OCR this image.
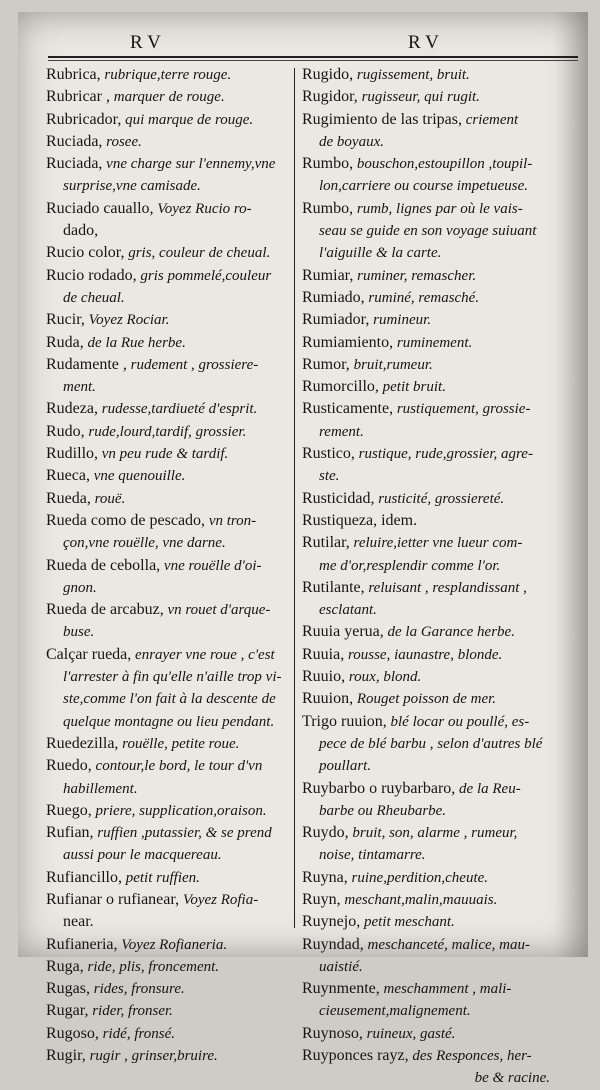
RV	RV
Rubrica, rubrique,terre rouge.
Rubricar , marquer de rouge.
Rubricador, qui marque de rouge.
Ruciada, rosee.
Ruciada, vne charge sur l'ennemy,vne
surprise,vne camisade.
Ruciado cauallo, Voyez Rucio ro-
dado,
Rucio color, gris, couleur de cheual.
Rucio rodado, gris pommelé,couleur
de cheual.
Rucir, Voyez Rociar.
Ruda, de la Rue herbe.
Rudamente , rudement , grossiere-
ment.
Rudeza, rudesse,tardiueté d'esprit.
Rudo, rude,lourd,tardif, grossier.
Rudillo, vn peu rude & tardif.
Rueca, vne quenouille.
Rueda, rouë.
Rueda como de pescado, vn tron-
çon,vne rouëlle, vne darne.
Rueda de cebolla, vne rouëlle d'oi-
gnon.
Rueda de arcabuz, vn rouet d'arque-
buse.
Calçar rueda, enrayer vne roue , c'est
l'arrester à fin qu'elle n'aille trop vi-
ste,comme l'on fait à la descente de
quelque montagne ou lieu pendant.
Ruedezilla, rouëlle, petite roue.
Ruedo, contour,le bord, le tour d'vn
habillement.
Ruego, priere, supplication,oraison.
Rufian, ruffien ,putassier, & se prend
aussi pour le macquereau.
Rufiancillo, petit ruffien.
Rufianar o rufianear, Voyez Rofia-
near.
Rufianeria, Voyez Rofianeria.
Ruga, ride, plis, froncement.
Rugas, rides, fronsure.
Rugar, rider, fronser.
Rugoso, ridé, fronsé.
Rugir, rugir , grinser,bruire.
Rugido, rugissement, bruit.
Rugidor, rugisseur, qui rugit.
Rugimiento de las tripas, criement
de boyaux.
Rumbo, bouschon,estoupillon ,toupil-
lon,carriere ou course impetueuse.
Rumbo, rumb, lignes par où le vais-
seau se guide en son voyage suiuant
l'aiguille & la carte.
Rumiar, ruminer, remascher.
Rumiado, ruminé, remasché.
Rumiador, rumineur.
Rumiamiento, ruminement.
Rumor, bruit,rumeur.
Rumorcillo, petit bruit.
Rusticamente, rustiquement, grossie-
rement.
Rustico, rustique, rude,grossier, agre-
ste.
Rusticidad, rusticité, grossiereté.
Rustiqueza, idem.
Rutilar, reluire,ietter vne lueur com-
me d'or,resplendir comme l'or.
Rutilante, reluisant , resplandissant ,
esclatant.
Ruuia yerua, de la Garance herbe.
Ruuia, rousse, iaunastre, blonde.
Ruuio, roux, blond.
Ruuion, Rouget poisson de mer.
Trigo ruuion, blé locar ou poullé, es-
pece de blé barbu , selon d'autres blé
poullart.
Ruybarbo o ruybarbaro, de la Reu-
barbe ou Rheubarbe.
Ruydo, bruit, son, alarme , rumeur,
noise, tintamarre.
Ruyna, ruine,perdition,cheute.
Ruyn, meschant,malin,mauuais.
Ruynejo, petit meschant.
Ruyndad, meschanceté, malice, mau-
uaistié.
Ruynmente, meschamment , mali-
cieusement,malignement.
Ruynoso, ruineux, gasté.
Ruyponces rayz, des Responces, her-
be & racine.
